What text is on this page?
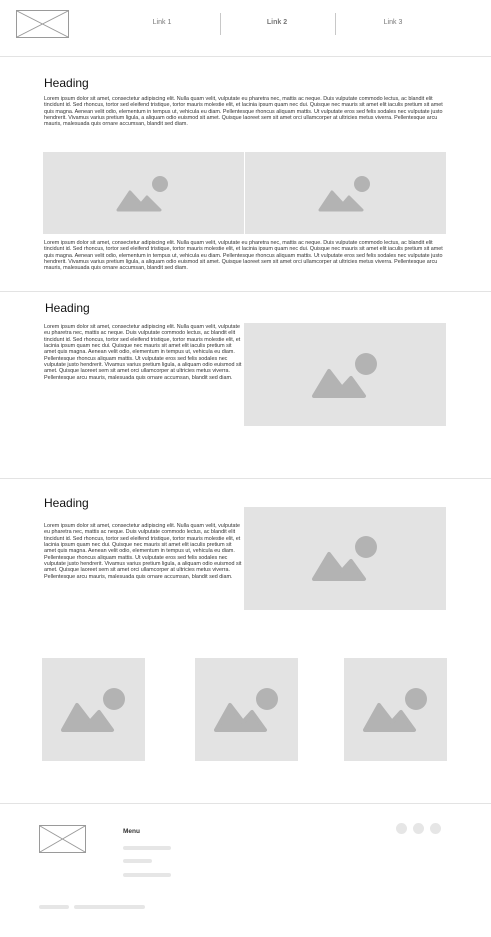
Link 1	Link 2	Link 3
Heading

Lorem ipsum dolor sit amet, consectetur adipiscing elit. Nulla quam velit, vulputate eu pharetra nec, mattis ac neque. Duis vulputate commodo lectus, ac blandit elit tincidunt id. Sed rhoncus, tortor sed eleifend tristique, tortor mauris molestie elit, et lacinia ipsum quam nec dui. Quisque nec mauris sit amet elit iaculis pretium sit amet quis magna. Aenean velit odio, elementum in tempus ut, vehicula eu diam. Pellentesque rhoncus aliquam mattis. Ut vulputate eros sed felis sodales nec vulputate justo hendrerit. Vivamus varius pretium ligula, a aliquam odio euismod sit amet. Quisque laoreet sem sit amet orci ullamcorper at ultricies metus viverra. Pellentesque arcu mauris, malesuada quis ornare accumsan, blandit sed diam.

Lorem ipsum dolor sit amet, consectetur adipiscing elit. Nulla quam velit, vulputate eu pharetra nec, mattis ac neque. Duis vulputate commodo lectus, ac blandit elit tincidunt id. Sed rhoncus, tortor sed eleifend tristique, tortor mauris molestie elit, et lacinia ipsum quam nec dui. Quisque nec mauris sit amet elit iaculis pretium sit amet quis magna. Aenean velit odio, elementum in tempus ut, vehicula eu diam. Pellentesque rhoncus aliquam mattis. Ut vulputate eros sed felis sodales nec vulputate justo hendrerit. Vivamus varius pretium ligula, a aliquam odio euismod sit amet. Quisque laoreet sem sit amet orci ullamcorper at ultricies metus viverra. Pellentesque arcu mauris, malesuada quis ornare accumsan, blandit sed diam.

Heading

Lorem ipsum dolor sit amet, consectetur adipiscing elit. Nulla quam velit, vulputate eu pharetra nec, mattis ac neque. Duis vulputate commodo lectus, ac blandit elit tincidunt id. Sed rhoncus, tortor sed eleifend tristique, tortor mauris molestie elit, et lacinia ipsum quam nec dui. Quisque nec mauris sit amet elit iaculis pretium sit amet quis magna. Aenean velit odio, elementum in tempus ut, vehicula eu diam. Pellentesque rhoncus aliquam mattis. Ut vulputate eros sed felis sodales nec vulputate justo hendrerit. Vivamus varius pretium ligula, a aliquam odio euismod sit amet. Quisque laoreet sem sit amet orci ullamcorper at ultricies metus viverra. Pellentesque arcu mauris, malesuada quis ornare accumsan, blandit sed diam.

Heading

Lorem ipsum dolor sit amet, consectetur adipiscing elit. Nulla quam velit, vulputate eu pharetra nec, mattis ac neque. Duis vulputate commodo lectus, ac blandit elit tincidunt id. Sed rhoncus, tortor sed eleifend tristique, tortor mauris molestie elit, et lacinia ipsum quam nec dui. Quisque nec mauris sit amet elit iaculis pretium sit amet quis magna. Aenean velit odio, elementum in tempus ut, vehicula eu diam. Pellentesque rhoncus aliquam mattis. Ut vulputate eros sed felis sodales nec vulputate justo hendrerit. Vivamus varius pretium ligula, a aliquam odio euismod sit amet. Quisque laoreet sem sit amet orci ullamcorper at ultricies metus viverra. Pellentesque arcu mauris, malesuada quis ornare accumsan, blandit sed diam.

Menu
